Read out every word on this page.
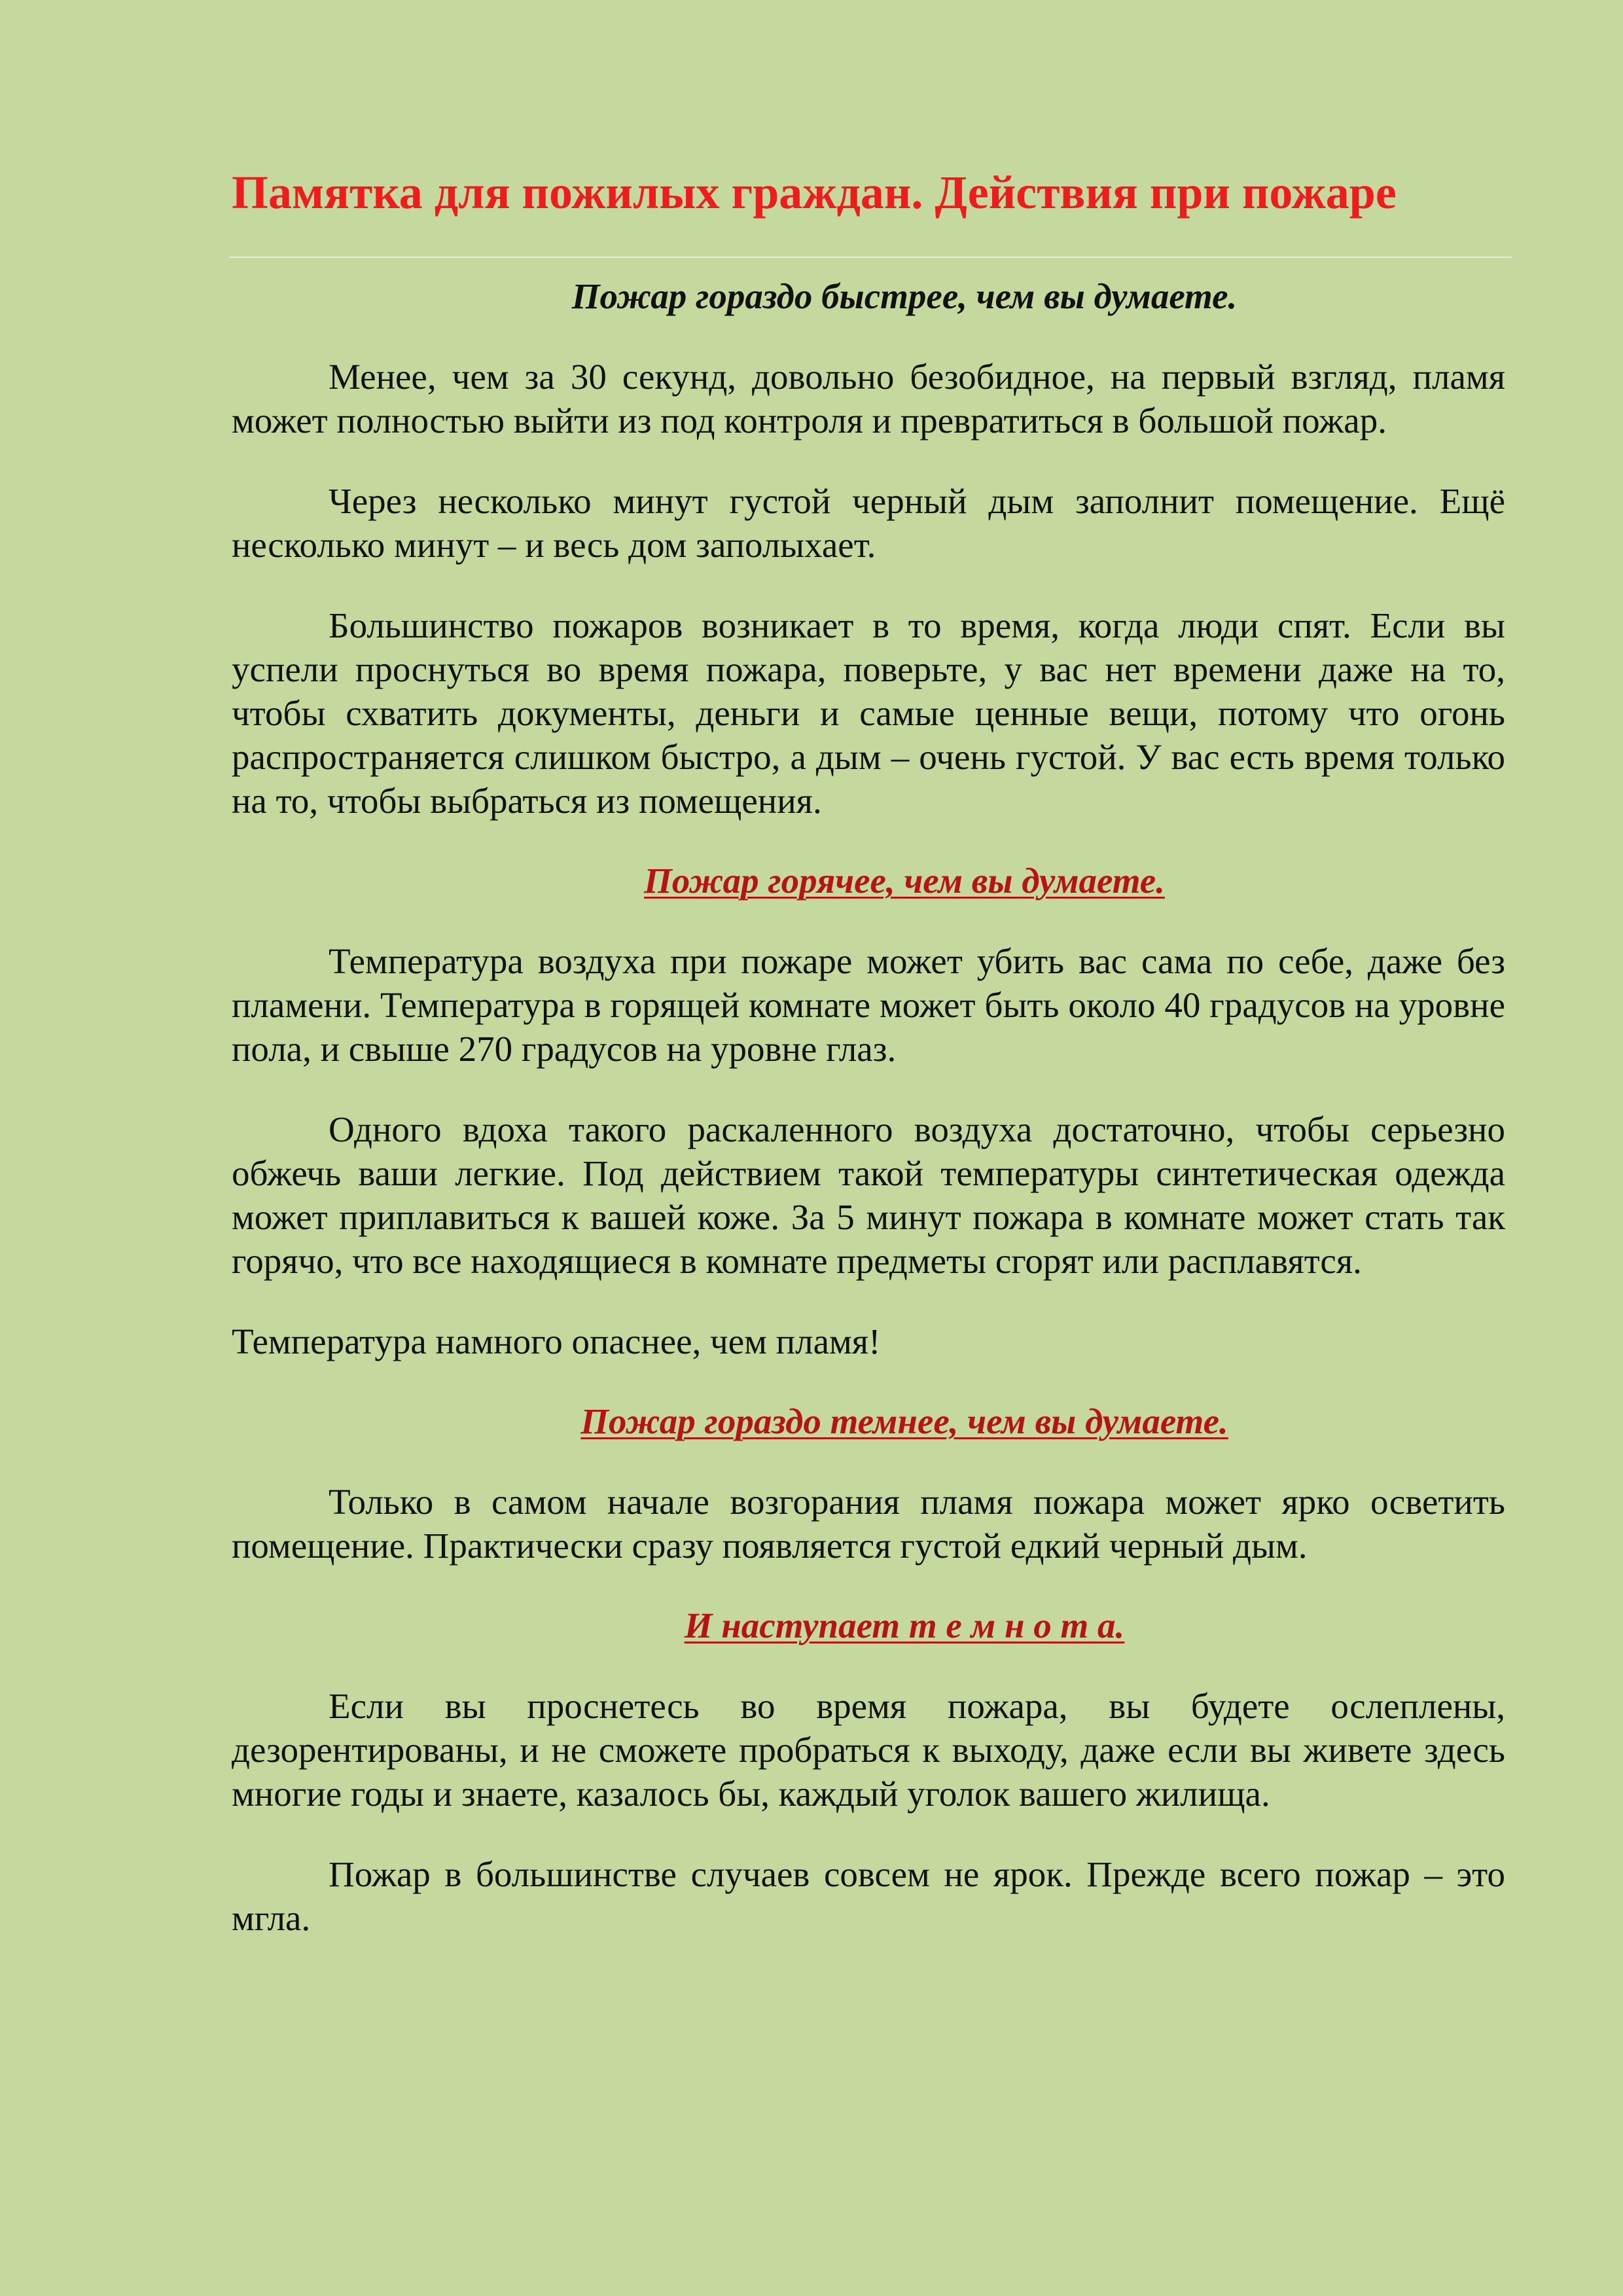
Памятка для пожилых граждан. Действия при пожаре
Пожар гораздо быстрее, чем вы думаете.

Менее, чем за 30 секунд, довольно безобидное, на первый взгляд, пламя может полностью выйти из под контроля и превратиться в большой пожар.

Через несколько минут густой черный дым заполнит помещение. Ещё несколько минут – и весь дом заполыхает.

Большинство пожаров возникает в то время, когда люди спят. Если вы успели проснуться во время пожара, поверьте, у вас нет времени даже на то, чтобы схватить документы, деньги и самые ценные вещи, потому что огонь распространяется слишком быстро, а дым – очень густой. У вас есть время только на то, чтобы выбраться из помещения.

Пожар горячее, чем вы думаете.

Температура воздуха при пожаре может убить вас сама по себе, даже без пламени. Температура в горящей комнате может быть около 40 градусов на уровне пола, и свыше 270 градусов на уровне глаз.

Одного вдоха такого раскаленного воздуха достаточно, чтобы серьезно обжечь ваши легкие. Под действием такой температуры синтетическая одежда может приплавиться к вашей коже. За 5 минут пожара в комнате может стать так горячо, что все находящиеся в комнате предметы сгорят или расплавятся.

Температура намного опаснее, чем пламя!

Пожар гораздо темнее, чем вы думаете.

Только в самом начале возгорания пламя пожара может ярко осветить помещение. Практически сразу появляется густой едкий черный дым.

И наступает т е м н о т а.

Если вы проснетесь во время пожара, вы будете ослеплены, дезорентированы, и не сможете пробраться к выходу, даже если вы живете здесь многие годы и знаете, казалось бы, каждый уголок вашего жилища.

Пожар в большинстве случаев совсем не ярок. Прежде всего пожар – это мгла.
